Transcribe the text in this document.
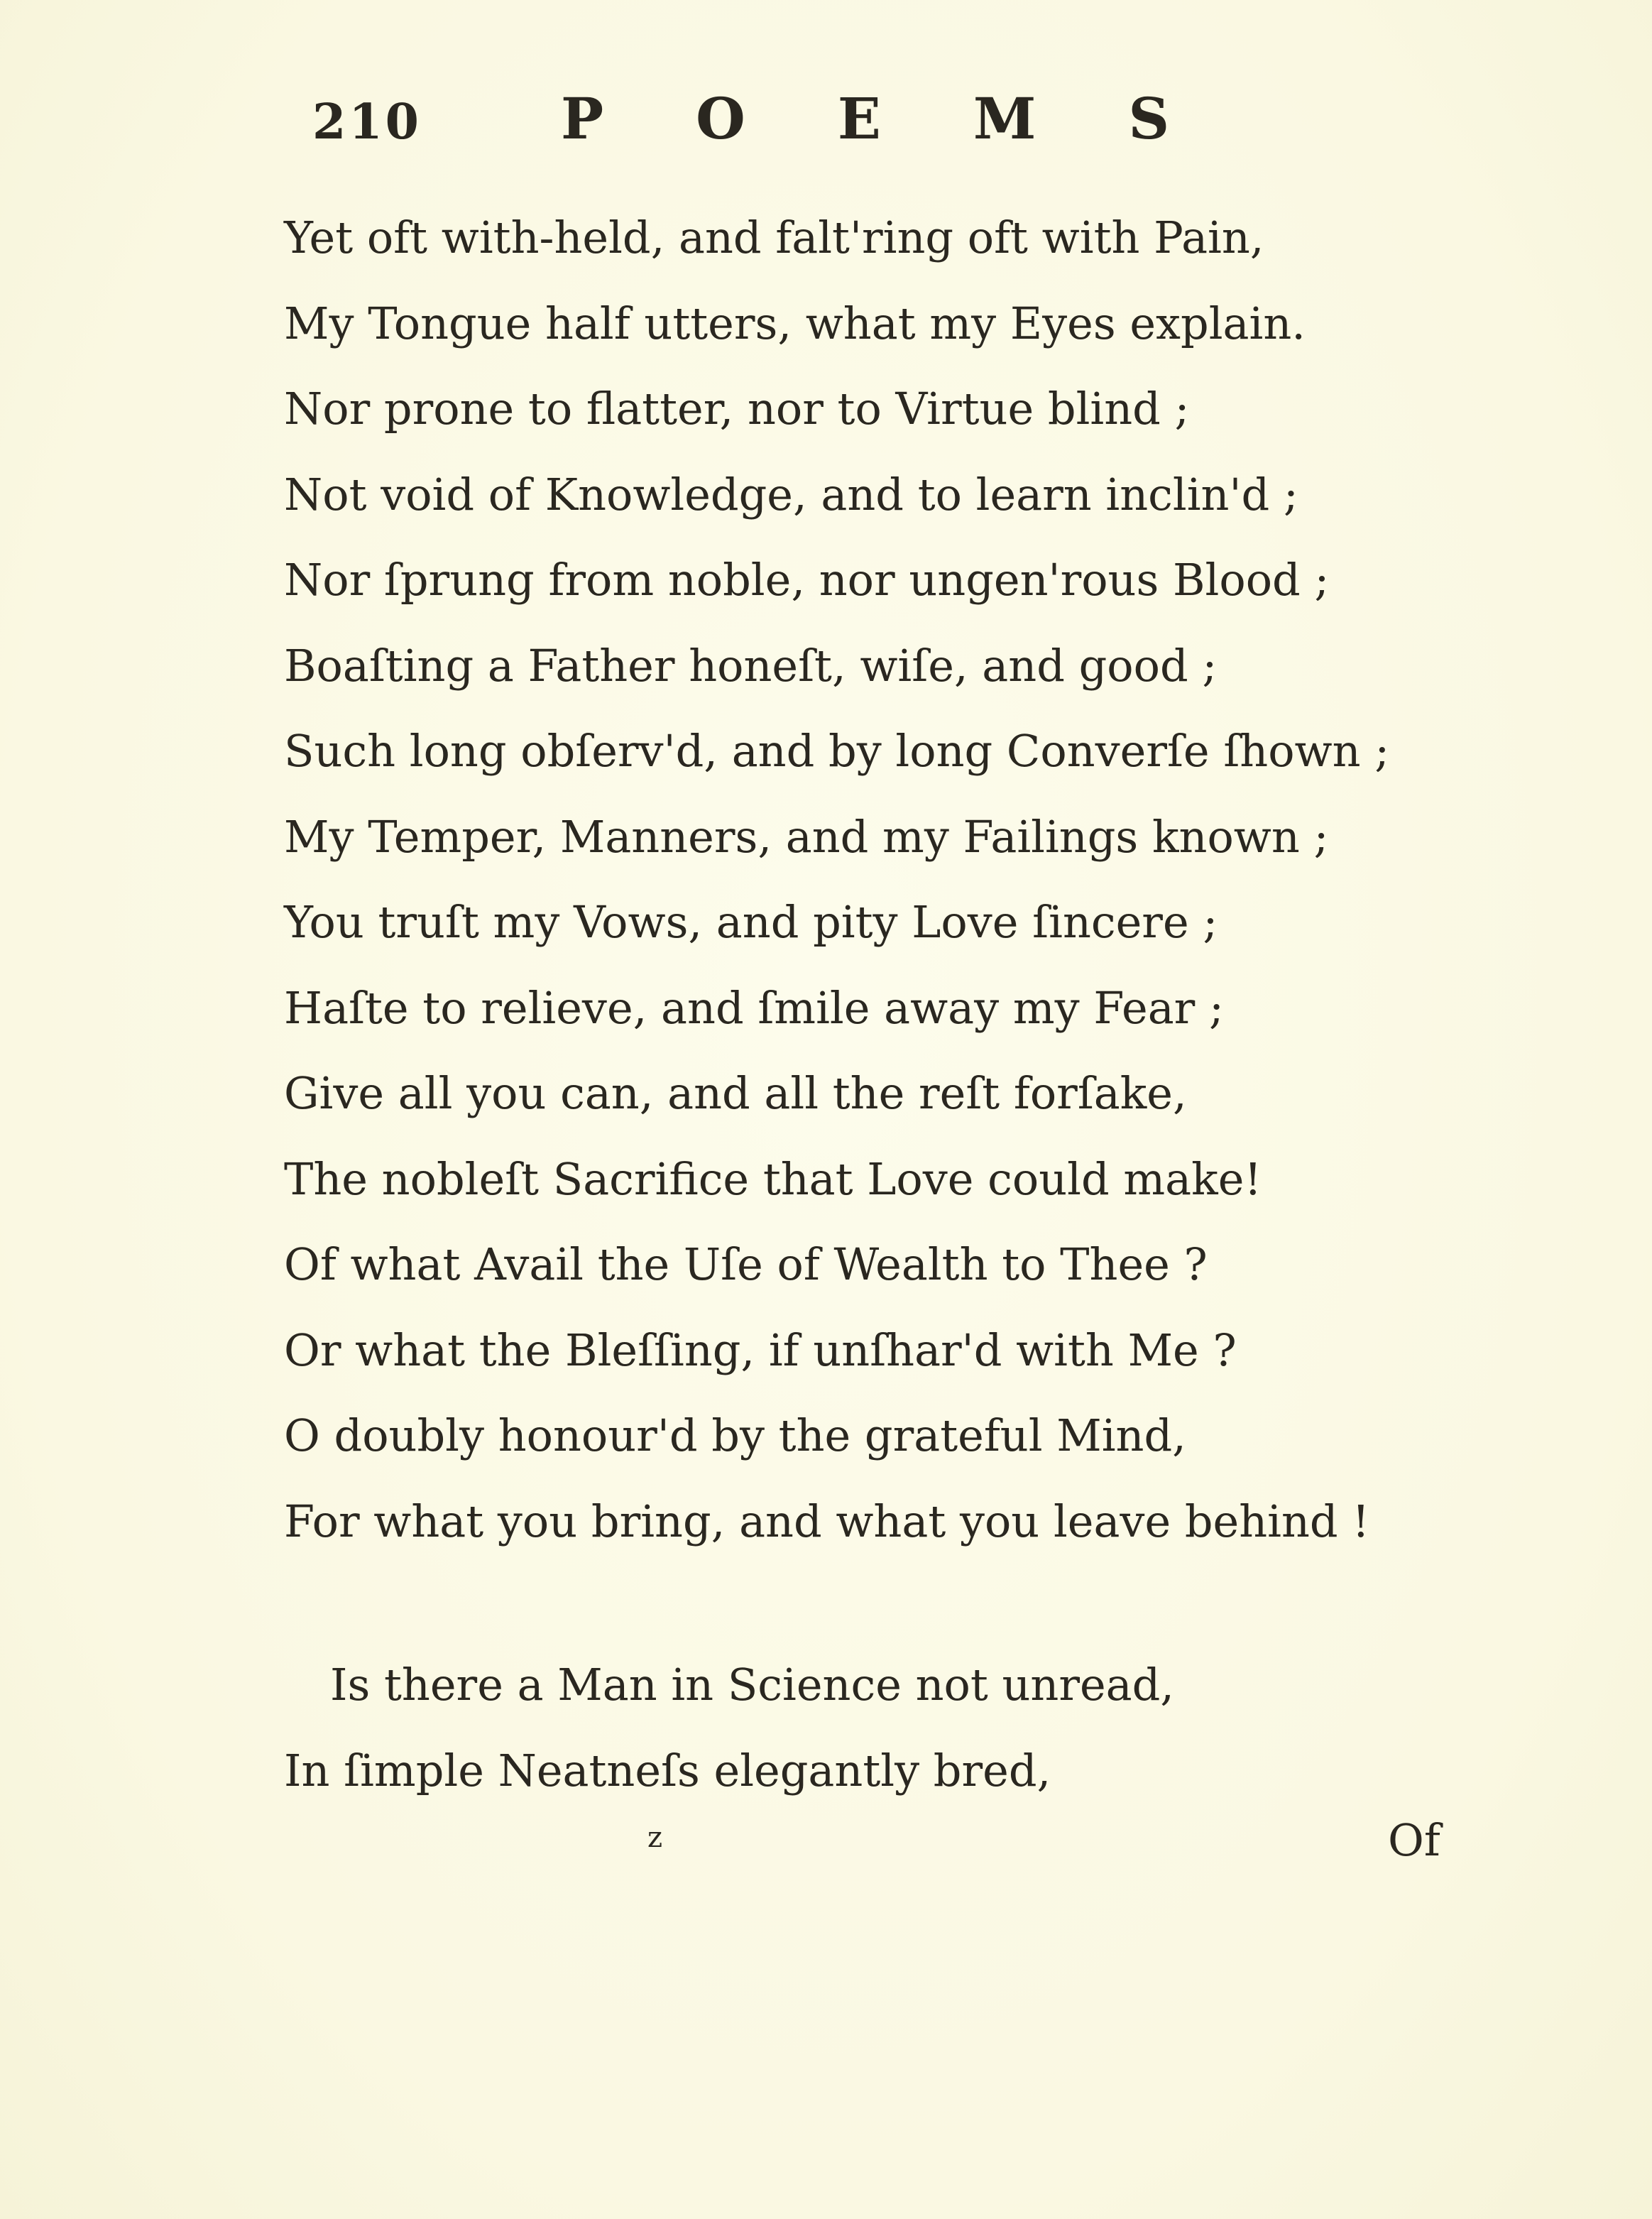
210 POEMS
Yet oft with-held, and falt'ring oft with Pain,
My Tongue half utters, what my Eyes explain.
Nor prone to flatter, nor to Virtue blind ;
Not void of Knowledge, and to learn inclin'd ;
Nor ſprung from noble, nor ungen'rous Blood ;
Boaſting a Father honeſt, wiſe, and good ;
Such long obſerv'd, and by long Converſe ſhown ;
My Temper, Manners, and my Failings known ;
You truſt my Vows, and pity Love ſincere ;
Haſte to relieve, and ſmile away my Fear ;
Give all you can, and all the reſt forſake,
The nobleſt Sacrifice that Love could make!
Of what Avail the Uſe of Wealth to Thee ?
Or what the Bleſſing, if unſhar'd with Me ?
O doubly honour'd by the grateful Mind,
For what you bring, and what you leave behind !
Is there a Man in Science not unread,
In ſimple Neatneſs elegantly bred,
z	Of
